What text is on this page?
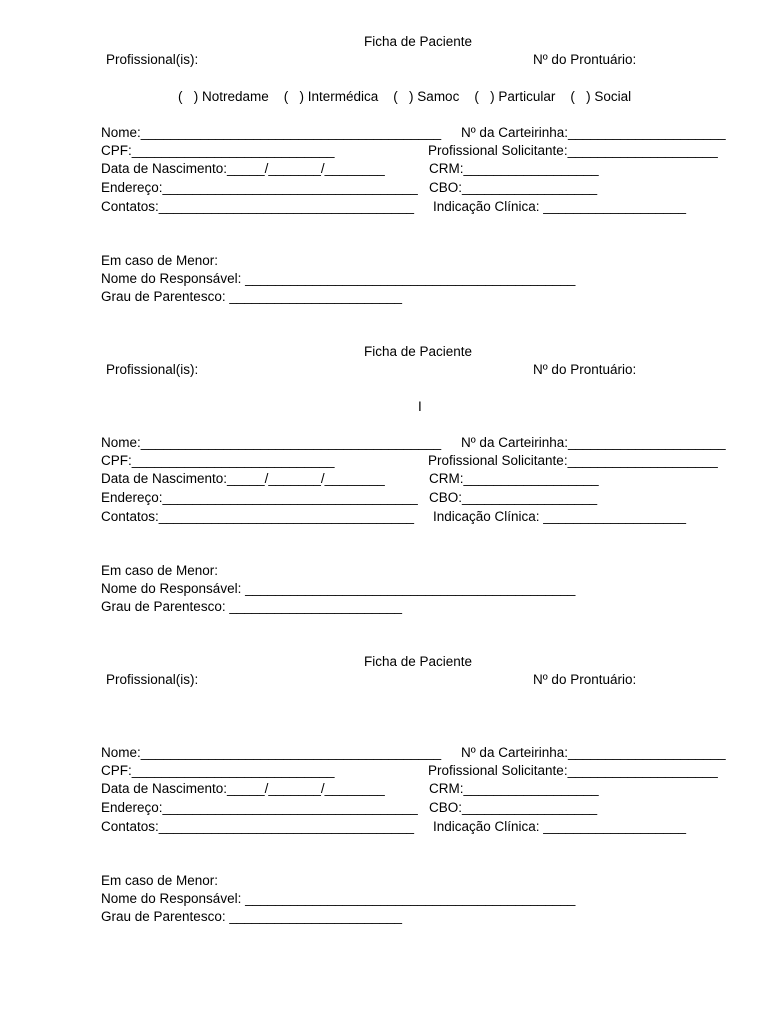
Ficha de Paciente
Profissional(is):	Nº do Prontuário:
(   ) Notredame    (   ) Intermédica    (   ) Samoc    (   ) Particular    (   ) Social
Nome:________________________________________ Nº da Carteirinha:_____________________
CPF:___________________________	Profissional Solicitante:____________________
Data de Nascimento:_____/_______/________	CRM:__________________
Endereço:__________________________________ CBO:__________________
Contatos:__________________________________ Indicação Clínica: ___________________
Em caso de Menor:
Nome do Responsável: ____________________________________________
Grau de Parentesco: _______________________
Ficha de Paciente
Profissional(is):	Nº do Prontuário:
I
Nome:________________________________________ Nº da Carteirinha:_____________________
CPF:___________________________	Profissional Solicitante:____________________
Data de Nascimento:_____/_______/________	CRM:__________________
Endereço:__________________________________ CBO:__________________
Contatos:__________________________________ Indicação Clínica: ___________________
Em caso de Menor:
Nome do Responsável: ____________________________________________
Grau de Parentesco: _______________________
Ficha de Paciente
Profissional(is):	Nº do Prontuário:
Nome:________________________________________ Nº da Carteirinha:_____________________
CPF:___________________________	Profissional Solicitante:____________________
Data de Nascimento:_____/_______/________	CRM:__________________
Endereço:__________________________________ CBO:__________________
Contatos:__________________________________ Indicação Clínica: ___________________
Em caso de Menor:
Nome do Responsável: ____________________________________________
Grau de Parentesco: _______________________
